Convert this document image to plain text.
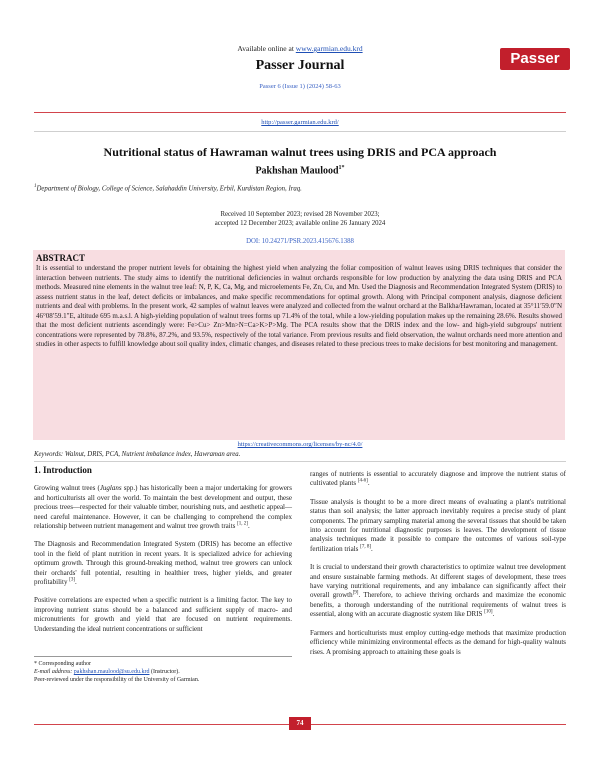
Available online at www.garmian.edu.krd
Passer Journal
Passer 6 (Issue 1) (2024) 58-63
Passer
http://passer.garmian.edu.krd/
Nutritional status of Hawraman walnut trees using DRIS and PCA approach
Pakhshan Maulood$^{1*}$
$^1$Department of Biology, College of Science, Salahaddin University, Erbil, Kurdistan Region, Iraq.
Received 10 September 2023; revised 28 November 2023;
accepted 12 December 2023; available online 26 January 2024
DOI: 10.24271/PSR.2023.415676.1388
ABSTRACT
It is essential to understand the proper nutrient levels for obtaining the highest yield when analyzing the foliar composition of walnut leaves using DRIS techniques that consider the interaction between nutrients. The study aims to identify the nutritional deficiencies in walnut orchards responsible for low production by analyzing the data using DRIS and PCA methods. Measured nine elements in the walnut tree leaf: N, P, K, Ca, Mg, and microelements Fe, Zn, Cu, and Mn. Used the Diagnosis and Recommendation Integrated System (DRIS) to assess nutrient status in the leaf, detect deficits or imbalances, and make specific recommendations for optimal growth. Along with Principal component analysis, diagnose deficient nutrients and deal with problems. In the present work, 42 samples of walnut leaves were analyzed and collected from the walnut orchard at the Balkha/Hawraman, located at 35°11′59.0″N 46°08′59.1″E, altitude 695 m.a.s.l. A high-yielding population of walnut trees forms up 71.4% of the total, while a low-yielding population makes up the remaining 28.6%. Results showed that the most deficient nutrients ascendingly were: Fe>Cu> Zn>Mn>N=Ca>K>P>Mg. The PCA results show that the DRIS index and the low- and high-yield subgroups' nutrient concentrations were represented by 78.8%, 87.2%, and 93.5%, respectively of the total variance. From previous results and field observation, the walnut orchards need more attention and studies in other aspects to fulfill knowledge about soil quality index, climatic changes, and diseases related to these precious trees to make decisions for best monitoring and management.
https://creativecommons.org/licenses/by-nc/4.0/
Keywords: Walnut, DRIS, PCA, Nutrient imbalance index, Hawraman area.
1. Introduction

Growing walnut trees (Juglans spp.) has historically been a major undertaking for growers and horticulturists all over the world. To maintain the best development and output, these precious trees—respected for their valuable timber, nourishing nuts, and aesthetic appeal—need careful maintenance. However, it can be challenging to comprehend the complex relationship between nutrient management and walnut tree growth traits [1, 2].

The Diagnosis and Recommendation Integrated System (DRIS) has become an effective tool in the field of plant nutrition in recent years. It is specialized advice for achieving optimum growth. Through this ground-breaking method, walnut tree growers can unlock their orchards' full potential, resulting in healthier trees, higher yields, and greater profitability [3].

Positive correlations are expected when a specific nutrient is a limiting factor. The key to improving nutrient status should be a balanced and sufficient supply of macro- and micronutrients for growth and yield that are focused on nutrient requirements. Understanding the ideal nutrient concentrations or sufficient

* Corresponding author
E-mail address: pakhshan.maulood@su.edu.krd (Instructor).
Peer-reviewed under the responsibility of the University of Garmian.

ranges of nutrients is essential to accurately diagnose and improve the nutrient status of cultivated plants [4-6].

Tissue analysis is thought to be a more direct means of evaluating a plant's nutritional status than soil analysis; the latter approach inevitably requires a precise study of plant components. The primary sampling material among the several tissues that should be taken into account for nutritional diagnostic purposes is leaves. The development of tissue analysis techniques made it possible to compare the outcomes of various soil-type fertilization trials [7, 8].

It is crucial to understand their growth characteristics to optimize walnut tree development and ensure sustainable farming methods. At different stages of development, these trees have varying nutritional requirements, and any imbalance can significantly affect their overall growth[9]. Therefore, to achieve thriving orchards and maximize the economic benefits, a thorough understanding of the nutritional requirements of walnut trees is essential, along with an accurate diagnostic system like DRIS [10].

Farmers and horticulturists must employ cutting-edge methods that maximize production efficiency while minimizing environmental effects as the demand for high-quality walnuts rises. A promising approach to attaining these goals is

74
